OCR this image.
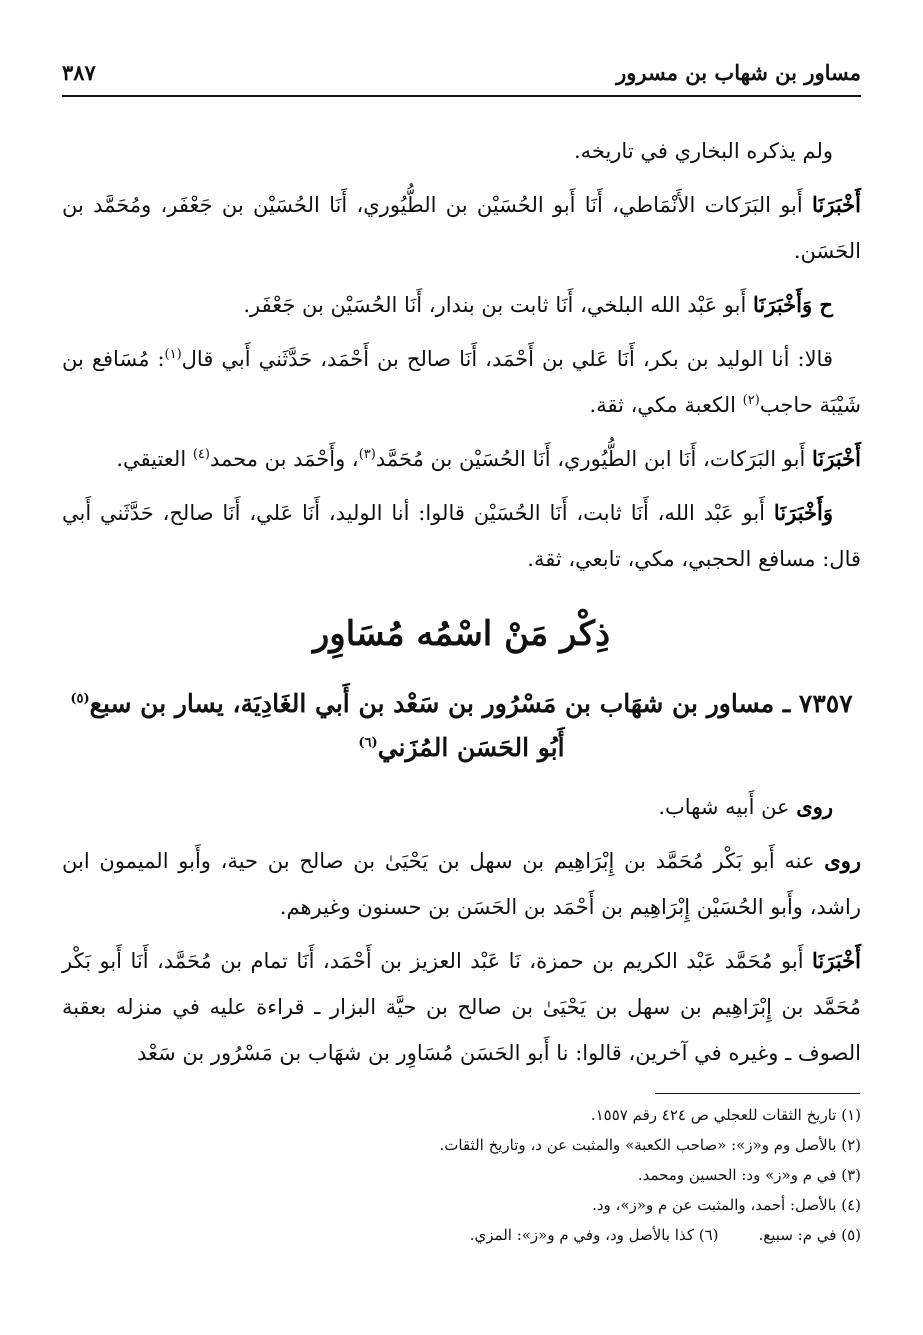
مساور بن شهاب بن مسرور
٣٨٧

ولم يذكره البخاري في تاريخه.

أَخْبَرَنَا أَبو البَرَكات الأَنْمَاطي، أَنَا أَبو الحُسَيْن بن الطُّيُوري، أَنَا الحُسَيْن بن جَعْفَر، ومُحَمَّد بن الحَسَن.

ح وَأَخْبَرَنَا أَبو عَبْد الله البلخي، أَنَا ثابت بن بندار، أَنَا الحُسَيْن بن جَعْفَر.

قالا: أنا الوليد بن بكر، أَنَا عَلي بن أَحْمَد، أَنَا صالح بن أَحْمَد، حَدَّثَني أَبي قال$^{(١)}$: مُسَافع بن شَيْبَة حاجب$^{(٢)}$ الكعبة مكي، ثقة.

أَخْبَرَنَا أَبو البَرَكات، أَنَا ابن الطُّيُوري، أَنَا الحُسَيْن بن مُحَمَّد$^{(٣)}$، وأَحْمَد بن محمد$^{(٤)}$ العتيقي.

وَأَخْبَرَنَا أَبو عَبْد الله، أَنَا ثابت، أَنَا الحُسَيْن قالوا: أنا الوليد، أَنَا عَلي، أَنَا صالح، حَدَّثَني أَبي قال: مسافع الحجبي، مكي، تابعي، ثقة.

ذِكْر مَنْ اسْمُه مُسَاوِر
٧٣٥٧ ـ مساور بن شهَاب بن مَسْرُور بن سَعْد بن أَبي الغَادِيَة، يسار بن سبع$^{(٥)}$
أَبُو الحَسَن المُزَني$^{(٦)}$

روى عن أَبيه شهاب.

روى عنه أَبو بَكْر مُحَمَّد بن إِبْرَاهِيم بن سهل بن يَحْيَىٰ بن صالح بن حية، وأَبو الميمون ابن راشد، وأَبو الحُسَيْن إِبْرَاهِيم بن أَحْمَد بن الحَسَن بن حسنون وغيرهم.

أَخْبَرَنَا أَبو مُحَمَّد عَبْد الكريم بن حمزة، نَا عَبْد العزيز بن أَحْمَد، أَنَا تمام بن مُحَمَّد، أَنَا أَبو بَكْر مُحَمَّد بن إِبْرَاهِيم بن سهل بن يَحْيَىٰ بن صالح بن حيَّة البزار ـ قراءة عليه في منزله بعقبة الصوف ـ وغيره في آخرين، قالوا: نا أَبو الحَسَن مُسَاوِر بن شهَاب بن مَسْرُور بن سَعْد

(١) تاريخ الثقات للعجلي ص ٤٢٤ رقم ١٥٥٧.
(٢) بالأصل وم و«ز»: «صاحب الكعبة» والمثبت عن د، وتاريخ الثقات.
(٣) في م و«ز» ود: الحسين ومحمد.
(٤) بالأصل: أحمد، والمثبت عن م و«ز»، ود.
(٥) في م: سبيع.
(٦) كذا بالأصل ود، وفي م و«ز»: المزي.
